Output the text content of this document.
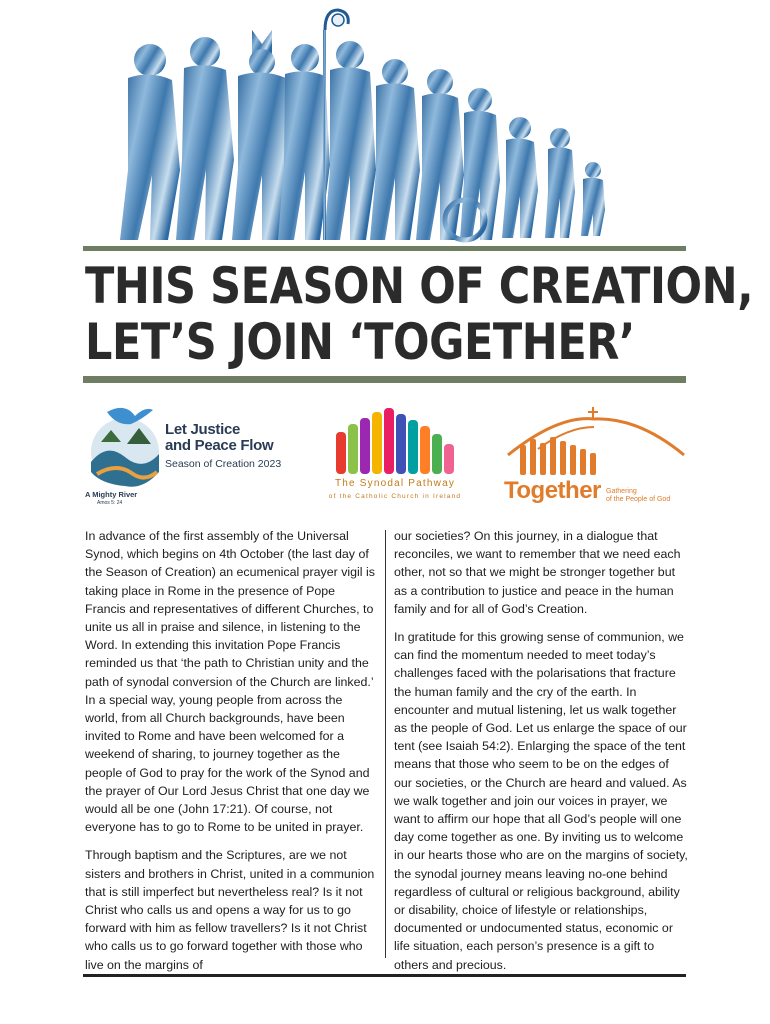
THIS SEASON OF CREATION,
LET’S JOIN ‘TOGETHER’
Let Justice
and Peace Flow
Season of Creation 2023
A Mighty River
Amos 5: 24
The Synodal Pathway
of the Catholic Church in Ireland	Together Gathering
of the People of God

In advance of the first assembly of the Universal Synod, which begins on 4th October (the last day of the Season of Creation) an ecumenical prayer vigil is taking place in Rome in the presence of Pope Francis and representatives of different Churches, to unite us all in praise and silence, in listening to the Word. In extending this invitation Pope Francis reminded us that ‘the path to Christian unity and the path of synodal conversion of the Church are linked.’ In a special way, young people from across the world, from all Church backgrounds, have been invited to Rome and have been welcomed for a weekend of sharing, to journey together as the people of God to pray for the work of the Synod and the prayer of Our Lord Jesus Christ that one day we would all be one (John 17:21). Of course, not everyone has to go to Rome to be united in prayer.

Through baptism and the Scriptures, are we not sisters and brothers in Christ, united in a communion that is still imperfect but nevertheless real? Is it not Christ who calls us and opens a way for us to go forward with him as fellow travellers? Is it not Christ who calls us to go forward together with those who live on the margins of

our societies? On this journey, in a dialogue that reconciles, we want to remember that we need each other, not so that we might be stronger together but as a contribution to justice and peace in the human family and for all of God’s Creation.

In gratitude for this growing sense of communion, we can find the momentum needed to meet today’s challenges faced with the polarisations that fracture the human family and the cry of the earth. In encounter and mutual listening, let us walk together as the people of God. Let us enlarge the space of our tent (see Isaiah 54:2). Enlarging the space of the tent means that those who seem to be on the edges of our societies, or the Church are heard and valued. As we walk together and join our voices in prayer, we want to affirm our hope that all God’s people will one day come together as one. By inviting us to welcome in our hearts those who are on the margins of society, the synodal journey means leaving no-one behind regardless of cultural or religious background, ability or disability, choice of lifestyle or relationships, documented or undocumented status, economic or life situation, each person’s presence is a gift to others and precious.
